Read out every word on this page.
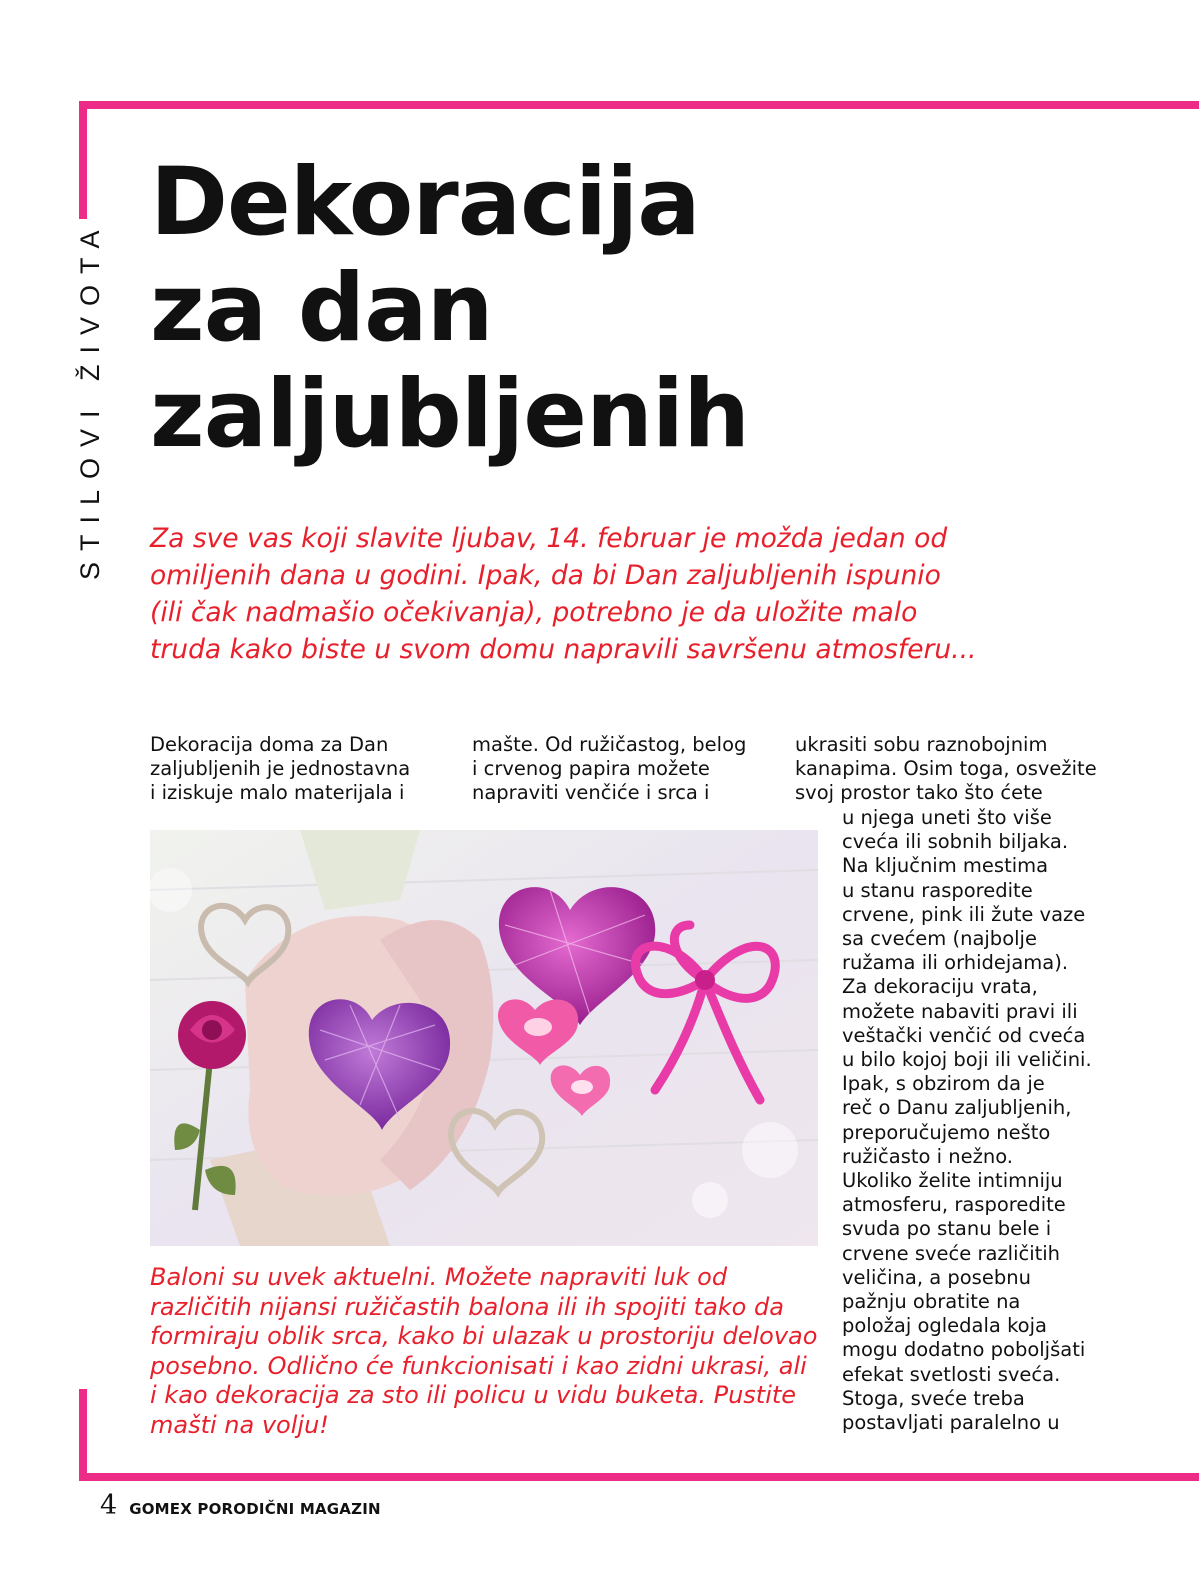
STILOVI ŽIVOTA
Dekoracija
za dan
zaljubljenih

Za sve vas koji slavite ljubav, 14. februar je možda jedan od
omiljenih dana u godini. Ipak, da bi Dan zaljubljenih ispunio
(ili čak nadmašio očekivanja), potrebno je da uložite malo
truda kako biste u svom domu napravili savršenu atmosferu...

Dekoracija doma za Dan
zaljubljenih je jednostavna
i iziskuje malo materijala i

mašte. Od ružičastog, belog
i crvenog papira možete
napraviti venčiće i srca i

ukrasiti sobu raznobojnim
kanapima. Osim toga, osvežite
svoj prostor tako što ćete

u njega uneti što više
cveća ili sobnih biljaka.
Na ključnim mestima
u stanu rasporedite
crvene, pink ili žute vaze
sa cvećem (najbolje
ružama ili orhidejama).
Za dekoraciju vrata,
možete nabaviti pravi ili
veštački venčić od cveća
u bilo kojoj boji ili veličini.
Ipak, s obzirom da je
reč o Danu zaljubljenih,
preporučujemo nešto
ružičasto i nežno.
Ukoliko želite intimniju
atmosferu, rasporedite
svuda po stanu bele i
crvene sveće različitih
veličina, a posebnu
pažnju obratite na
položaj ogledala koja
mogu dodatno poboljšati
efekat svetlosti sveća.
Stoga, sveće treba
postavljati paralelno u

Baloni su uvek aktuelni. Možete napraviti luk od
različitih nijansi ružičastih balona ili ih spojiti tako da
formiraju oblik srca, kako bi ulazak u prostoriju delovao
posebno. Odlično će funkcionisati i kao zidni ukrasi, ali
i kao dekoracija za sto ili policu u vidu buketa. Pustite
mašti na volju!

4 GOMEX PORODIČNI MAGAZIN
